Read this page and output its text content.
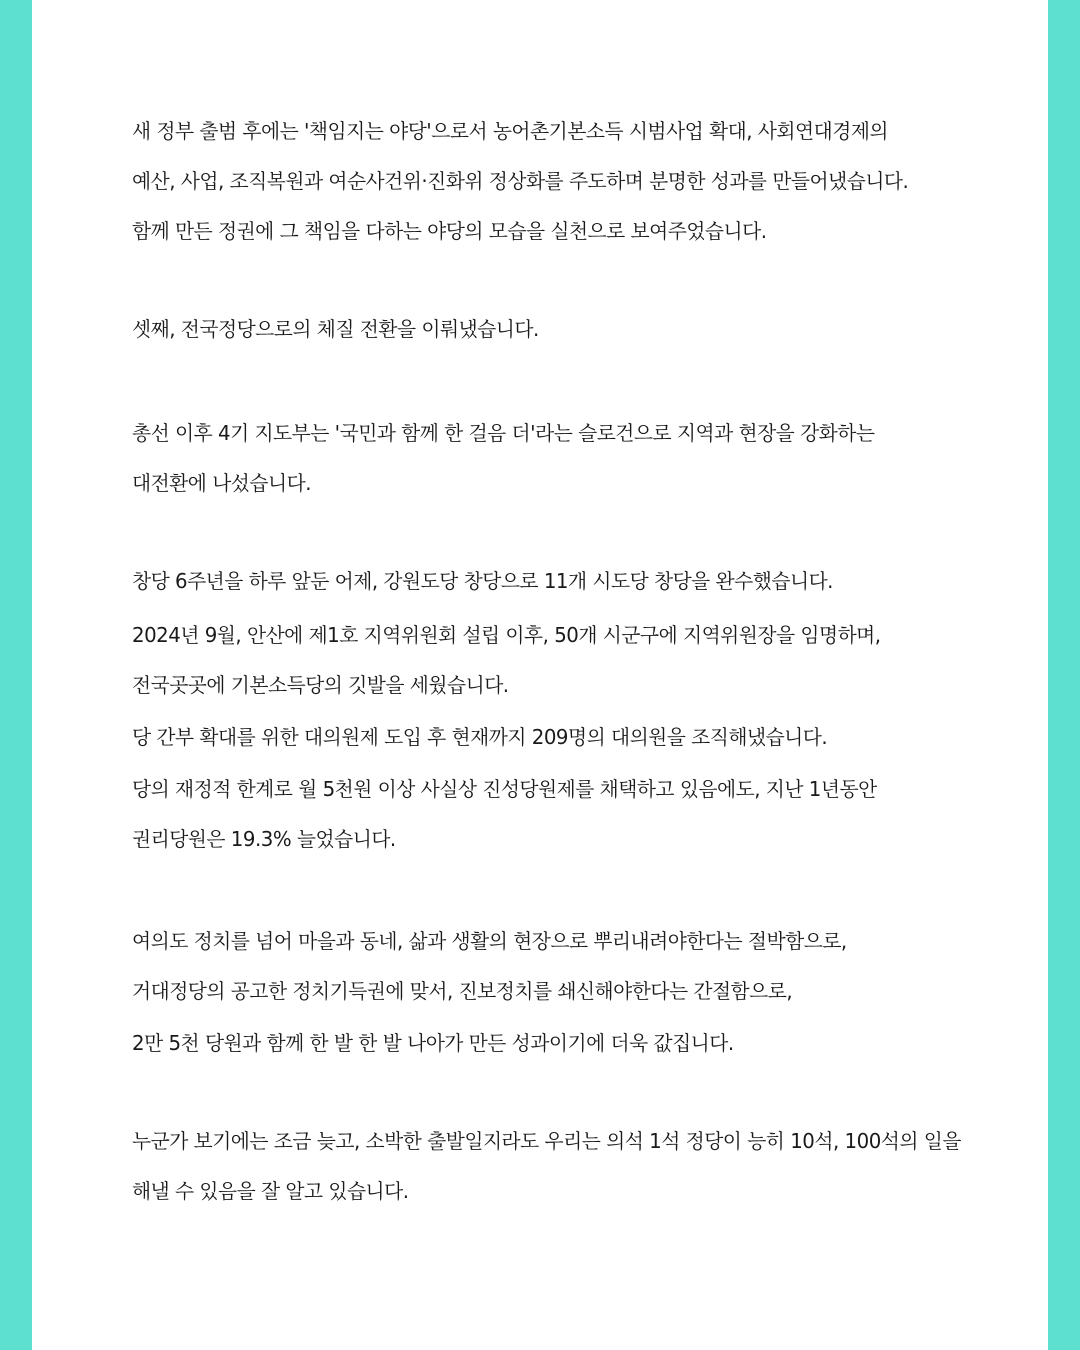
새 정부 출범 후에는 '책임지는 야당'으로서 농어촌기본소득 시범사업 확대, 사회연대경제의
예산, 사업, 조직복원과 여순사건위·진화위 정상화를 주도하며 분명한 성과를 만들어냈습니다.
함께 만든 정권에 그 책임을 다하는 야당의 모습을 실천으로 보여주었습니다.
셋째, 전국정당으로의 체질 전환을 이뤄냈습니다.
총선 이후 4기 지도부는 '국민과 함께 한 걸음 더'라는 슬로건으로 지역과 현장을 강화하는
대전환에 나섰습니다.
창당 6주년을 하루 앞둔 어제, 강원도당 창당으로 11개 시도당 창당을 완수했습니다.
2024년 9월, 안산에 제1호 지역위원회 설립 이후, 50개 시군구에 지역위원장을 임명하며,
전국곳곳에 기본소득당의 깃발을 세웠습니다.
당 간부 확대를 위한 대의원제 도입 후 현재까지 209명의 대의원을 조직해냈습니다.
당의 재정적 한계로 월 5천원 이상 사실상 진성당원제를 채택하고 있음에도, 지난 1년동안
권리당원은 19.3% 늘었습니다.
여의도 정치를 넘어 마을과 동네, 삶과 생활의 현장으로 뿌리내려야한다는 절박함으로,
거대정당의 공고한 정치기득권에 맞서, 진보정치를 쇄신해야한다는 간절함으로,
2만 5천 당원과 함께 한 발 한 발 나아가 만든 성과이기에 더욱 값집니다.
누군가 보기에는 조금 늦고, 소박한 출발일지라도 우리는 의석 1석 정당이 능히 10석, 100석의 일을
해낼 수 있음을 잘 알고 있습니다.
